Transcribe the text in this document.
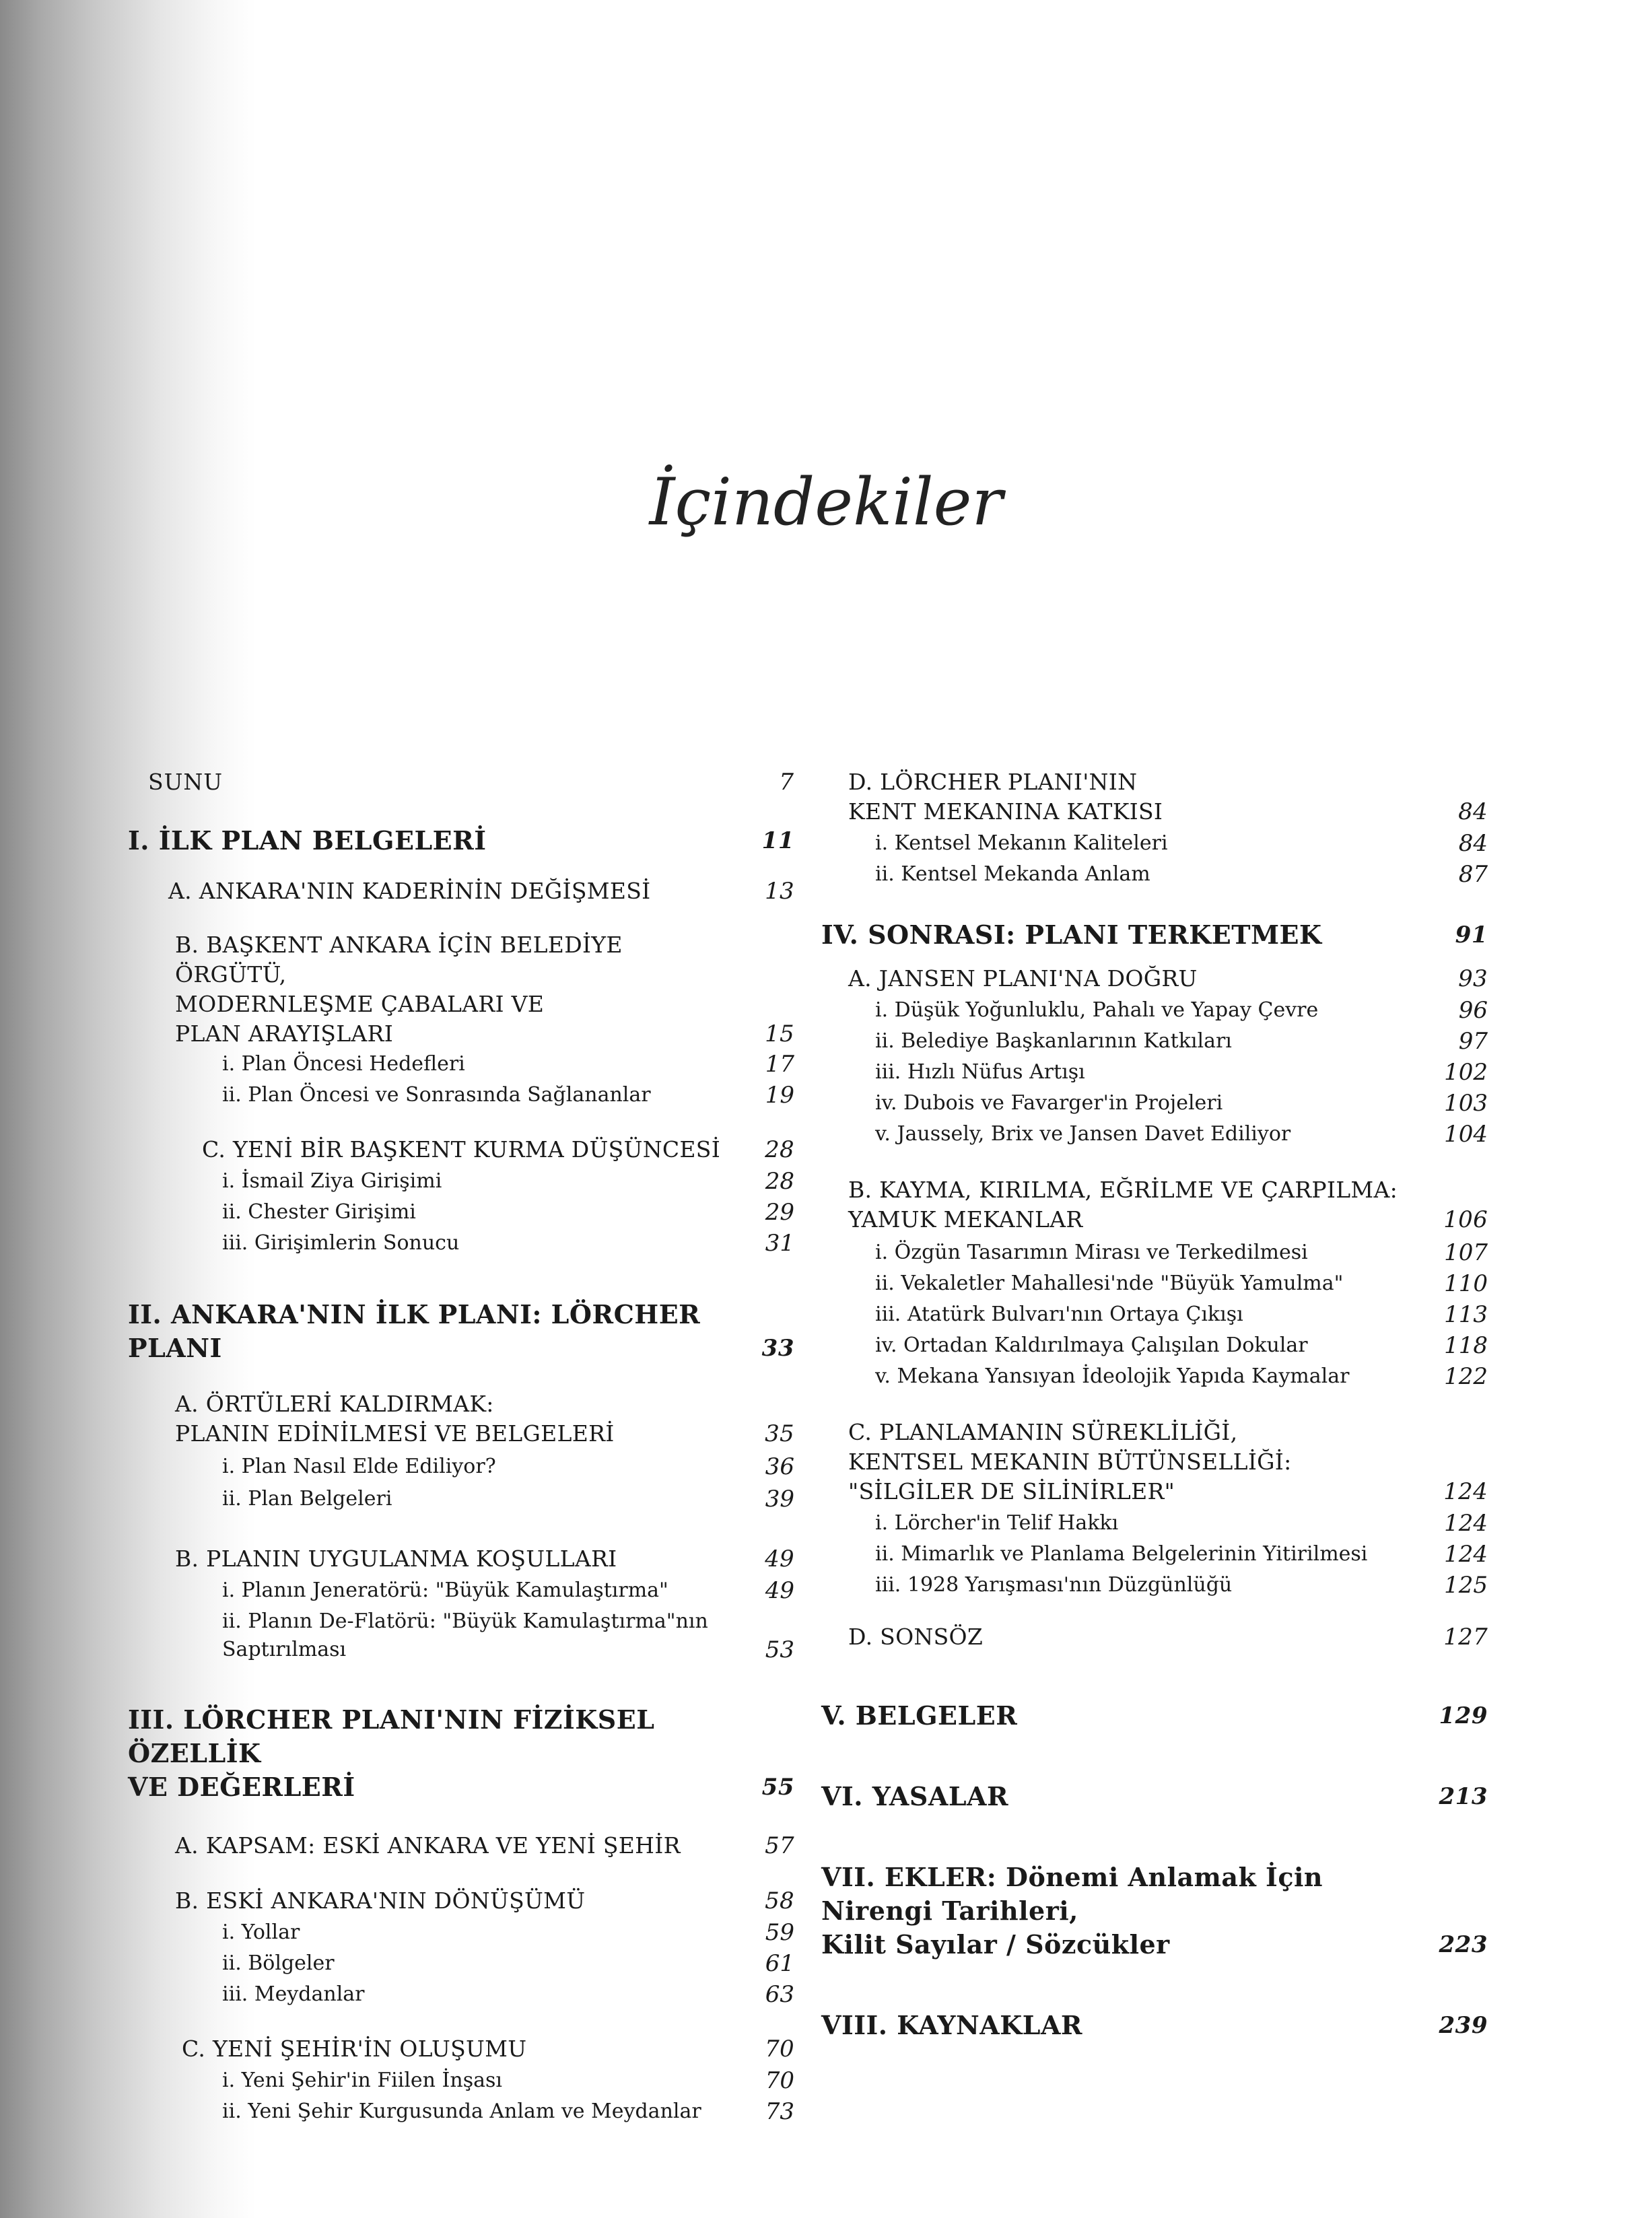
İçindekiler
SUNU	7
I. İLK PLAN BELGELERİ	11
A. ANKARA'NIN KADERİNİN DEĞİŞMESİ	13
B. BAŞKENT ANKARA İÇİN BELEDİYE ÖRGÜTÜ,
MODERNLEŞME ÇABALARI VE
PLAN ARAYIŞLARI	15
i. Plan Öncesi Hedefleri	17
ii. Plan Öncesi ve Sonrasında Sağlananlar	19
C. YENİ BİR BAŞKENT KURMA DÜŞÜNCESİ	28
i. İsmail Ziya Girişimi	28
ii. Chester Girişimi	29
iii. Girişimlerin Sonucu	31
II. ANKARA'NIN İLK PLANI: LÖRCHER PLANI	33
A. ÖRTÜLERİ KALDIRMAK:
PLANIN EDİNİLMESİ VE BELGELERİ	35
i. Plan Nasıl Elde Ediliyor?	36
ii. Plan Belgeleri	39
B. PLANIN UYGULANMA KOŞULLARI	49
i. Planın Jeneratörü: "Büyük Kamulaştırma"	49
ii. Planın De-Flatörü: "Büyük Kamulaştırma"nın
Saptırılması	53
III. LÖRCHER PLANI'NIN FİZİKSEL ÖZELLİK
VE DEĞERLERİ	55
A. KAPSAM: ESKİ ANKARA VE YENİ ŞEHİR	57
B. ESKİ ANKARA'NIN DÖNÜŞÜMÜ	58
i. Yollar	59
ii. Bölgeler	61
iii. Meydanlar	63
C. YENİ ŞEHİR'İN OLUŞUMU	70
i. Yeni Şehir'in Fiilen İnşası	70
ii. Yeni Şehir Kurgusunda Anlam ve Meydanlar	73
D. LÖRCHER PLANI'NIN
KENT MEKANINA KATKISI	84
i. Kentsel Mekanın Kaliteleri	84
ii. Kentsel Mekanda Anlam	87
IV. SONRASI: PLANI TERKETMEK	91
A. JANSEN PLANI'NA DOĞRU	93
i. Düşük Yoğunluklu, Pahalı ve Yapay Çevre	96
ii. Belediye Başkanlarının Katkıları	97
iii. Hızlı Nüfus Artışı	102
iv. Dubois ve Favarger'in Projeleri	103
v. Jaussely, Brix ve Jansen Davet Ediliyor	104
B. KAYMA, KIRILMA, EĞRİLME VE ÇARPILMA:
YAMUK MEKANLAR	106
i. Özgün Tasarımın Mirası ve Terkedilmesi	107
ii. Vekaletler Mahallesi'nde "Büyük Yamulma"	110
iii. Atatürk Bulvarı'nın Ortaya Çıkışı	113
iv. Ortadan Kaldırılmaya Çalışılan Dokular	118
v. Mekana Yansıyan İdeolojik Yapıda Kaymalar	122
C. PLANLAMANIN SÜREKLİLİĞİ,
KENTSEL MEKANIN BÜTÜNSELLİĞİ:
"SİLGİLER DE SİLİNİRLER"	124
i. Lörcher'in Telif Hakkı	124
ii. Mimarlık ve Planlama Belgelerinin Yitirilmesi	124
iii. 1928 Yarışması'nın Düzgünlüğü	125
D. SONSÖZ	127
V. BELGELER	129
VI. YASALAR	213
VII. EKLER: Dönemi Anlamak İçin Nirengi Tarihleri,
Kilit Sayılar / Sözcükler	223
VIII. KAYNAKLAR	239
